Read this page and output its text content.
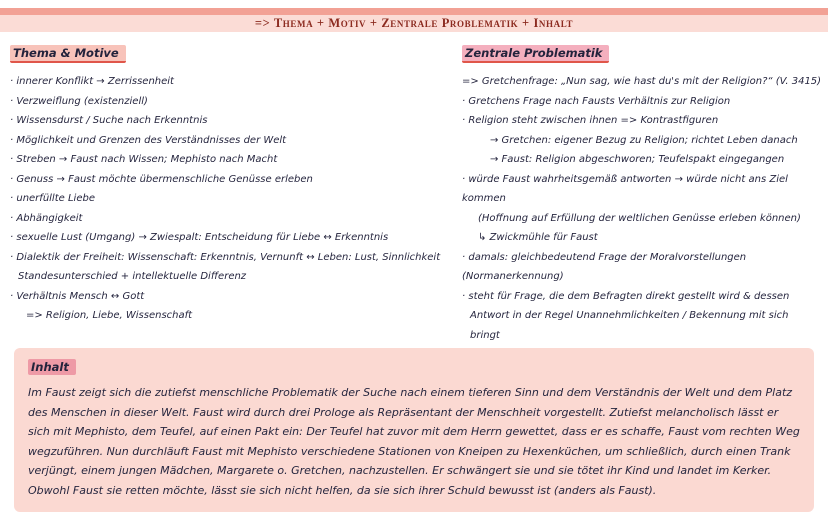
=> Thema + Motiv + Zentrale Problematik + Inhalt
Thema & Motive
· innerer Konflikt → Zerrissenheit
· Verzweiflung (existenziell)
· Wissensdurst / Suche nach Erkenntnis
· Möglichkeit und Grenzen des Verständnisses der Welt
· Streben → Faust nach Wissen; Mephisto nach Macht
· Genuss → Faust möchte übermenschliche Genüsse erleben
· unerfüllte Liebe
· Abhängigkeit
· sexuelle Lust (Umgang) → Zwiespalt: Entscheidung für Liebe ↔ Erkenntnis
· Dialektik der Freiheit: Wissenschaft: Erkenntnis, Vernunft ↔ Leben: Lust, Sinnlichkeit
Standesunterschied + intellektuelle Differenz
· Verhältnis Mensch ↔ Gott
=> Religion, Liebe, Wissenschaft
Zentrale Problematik
=> Gretchenfrage: „Nun sag, wie hast du's mit der Religion?“ (V. 3415)
· Gretchens Frage nach Fausts Verhältnis zur Religion
· Religion steht zwischen ihnen => Kontrastfiguren
→ Gretchen: eigener Bezug zu Religion; richtet Leben danach
→ Faust: Religion abgeschworen; Teufelspakt eingegangen
· würde Faust wahrheitsgemäß antworten → würde nicht ans Ziel kommen
(Hoffnung auf Erfüllung der weltlichen Genüsse erleben können)
↳ Zwickmühle für Faust
· damals: gleichbedeutend Frage der Moralvorstellungen (Normanerkennung)
· steht für Frage, die dem Befragten direkt gestellt wird & dessen
Antwort in der Regel Unannehmlichkeiten / Bekennung mit sich
bringt
Inhalt
Im Faust zeigt sich die zutiefst menschliche Problematik der Suche nach einem tieferen Sinn und dem Verständnis der Welt und dem Platz des Menschen in dieser Welt. Faust wird durch drei Prologe als Repräsentant der Menschheit vorgestellt. Zutiefst melancholisch lässt er sich mit Mephisto, dem Teufel, auf einen Pakt ein: Der Teufel hat zuvor mit dem Herrn gewettet, dass er es schaffe, Faust vom rechten Weg wegzuführen. Nun durchläuft Faust mit Mephisto verschiedene Stationen von Kneipen zu Hexenküchen, um schließlich, durch einen Trank verjüngt, einem jungen Mädchen, Margarete o. Gretchen, nachzustellen. Er schwängert sie und sie tötet ihr Kind und landet im Kerker. Obwohl Faust sie retten möchte, lässt sie sich nicht helfen, da sie sich ihrer Schuld bewusst ist (anders als Faust).
